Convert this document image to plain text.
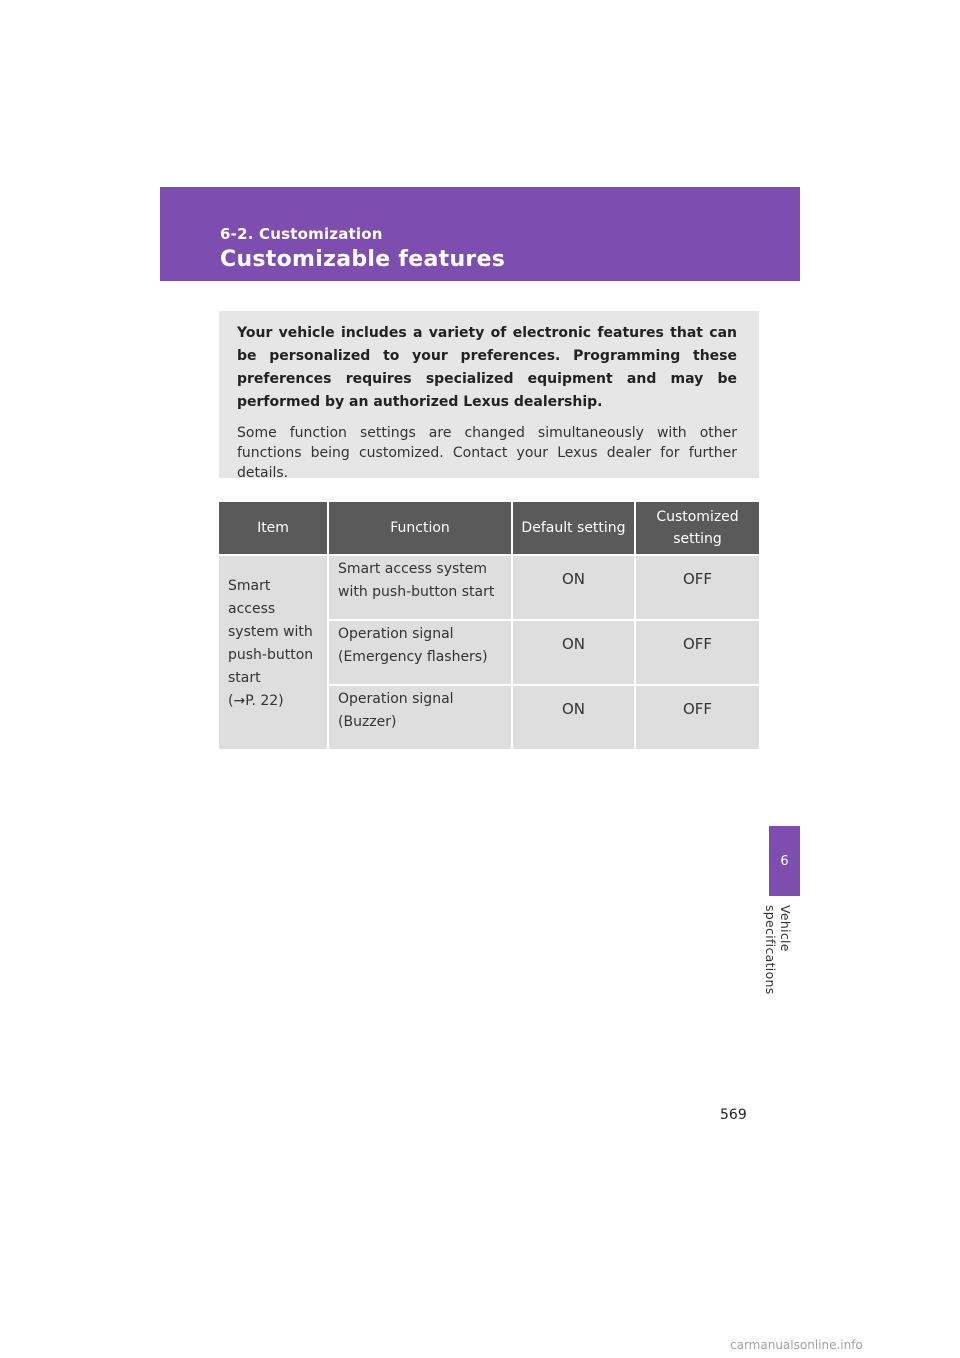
6-2. Customization
Customizable features

Your vehicle includes a variety of electronic features that can be personalized to your preferences. Programming these preferences requires specialized equipment and may be performed by an authorized Lexus dealership.

Some function settings are changed simultaneously with other functions being customized. Contact your Lexus dealer for further details.

Item	Function	Default setting	Customized setting

Smart access
system with
push-button
start
(→P. 22)	Smart access system with push-button start	ON	OFF
	Operation signal (Emergency flashers)	ON	OFF
	Operation signal (Buzzer)	ON	OFF
6
Vehicle specifications
569
carmanualsonline.info
